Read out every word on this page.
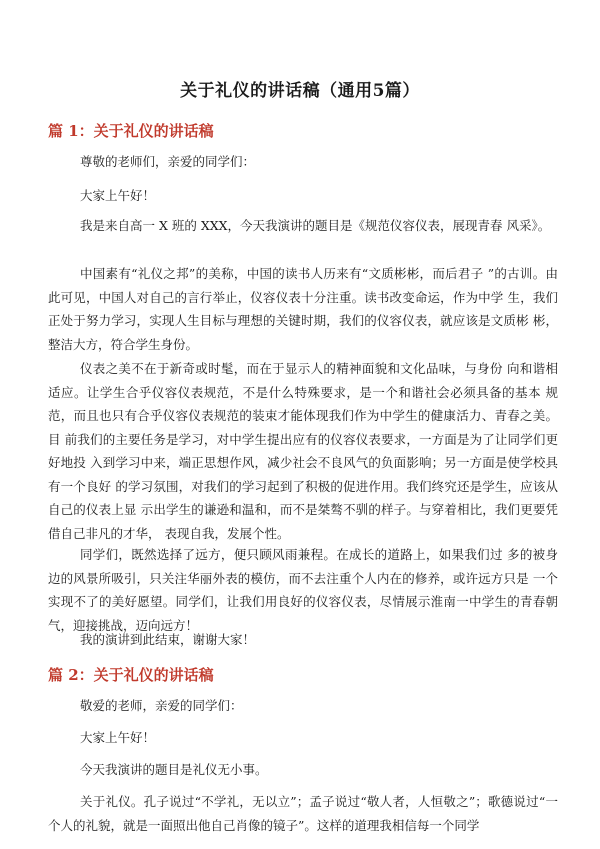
关于礼仪的讲话稿（通用5篇）
篇 1：关于礼仪的讲话稿

尊敬的老师们，亲爱的同学们：

大家上午好！

我是来自高一 X 班的 XXX，今天我演讲的题目是《规范仪容仪表，展现青春 风采》。

中国素有“礼仪之邦”的美称，中国的读书人历来有“文质彬彬，而后君子 ”的古训。由此可见，中国人对自己的言行举止，仪容仪表十分注重。读书改变命运，作为中学 生，我们正处于努力学习，实现人生目标与理想的关键时期，我们的仪容仪表，就应该是文质彬 彬，整洁大方，符合学生身份。

仪表之美不在于新奇或时髦，而在于显示人的精神面貌和文化品味，与身份 向和谐相适应。让学生合乎仪容仪表规范，不是什么特殊要求，是一个和谐社会必须具备的基本 规范，而且也只有合乎仪容仪表规范的装束才能体现我们作为中学生的健康活力、青春之美。目 前我们的主要任务是学习，对中学生提出应有的仪容仪表要求，一方面是为了让同学们更好地投 入到学习中来，端正思想作风，减少社会不良风气的负面影响；另一方面是使学校具有一个良好 的学习氛围，对我们的学习起到了积极的促进作用。我们终究还是学生，应该从自己的仪表上显 示出学生的谦逊和温和，而不是桀骜不驯的样子。与穿着相比，我们更要凭借自己非凡的才华， 表现自我，发展个性。

同学们，既然选择了远方，便只顾风雨兼程。在成长的道路上，如果我们过 多的被身边的风景所吸引，只关注华丽外表的模仿，而不去注重个人内在的修养，或许远方只是 一个实现不了的美好愿望。同学们，让我们用良好的仪容仪表，尽情展示淮南一中学生的青春朝 气，迎接挑战，迈向远方！

我的演讲到此结束，谢谢大家！

篇 2：关于礼仪的讲话稿

敬爱的老师，亲爱的同学们：

大家上午好！

今天我演讲的题目是礼仪无小事。

关于礼仪。孔子说过“不学礼，无以立”；孟子说过“敬人者，人恒敬之”；歌德说过“一个人的礼貌，就是一面照出他自己肖像的镜子”。这样的道理我相信每一个同学
